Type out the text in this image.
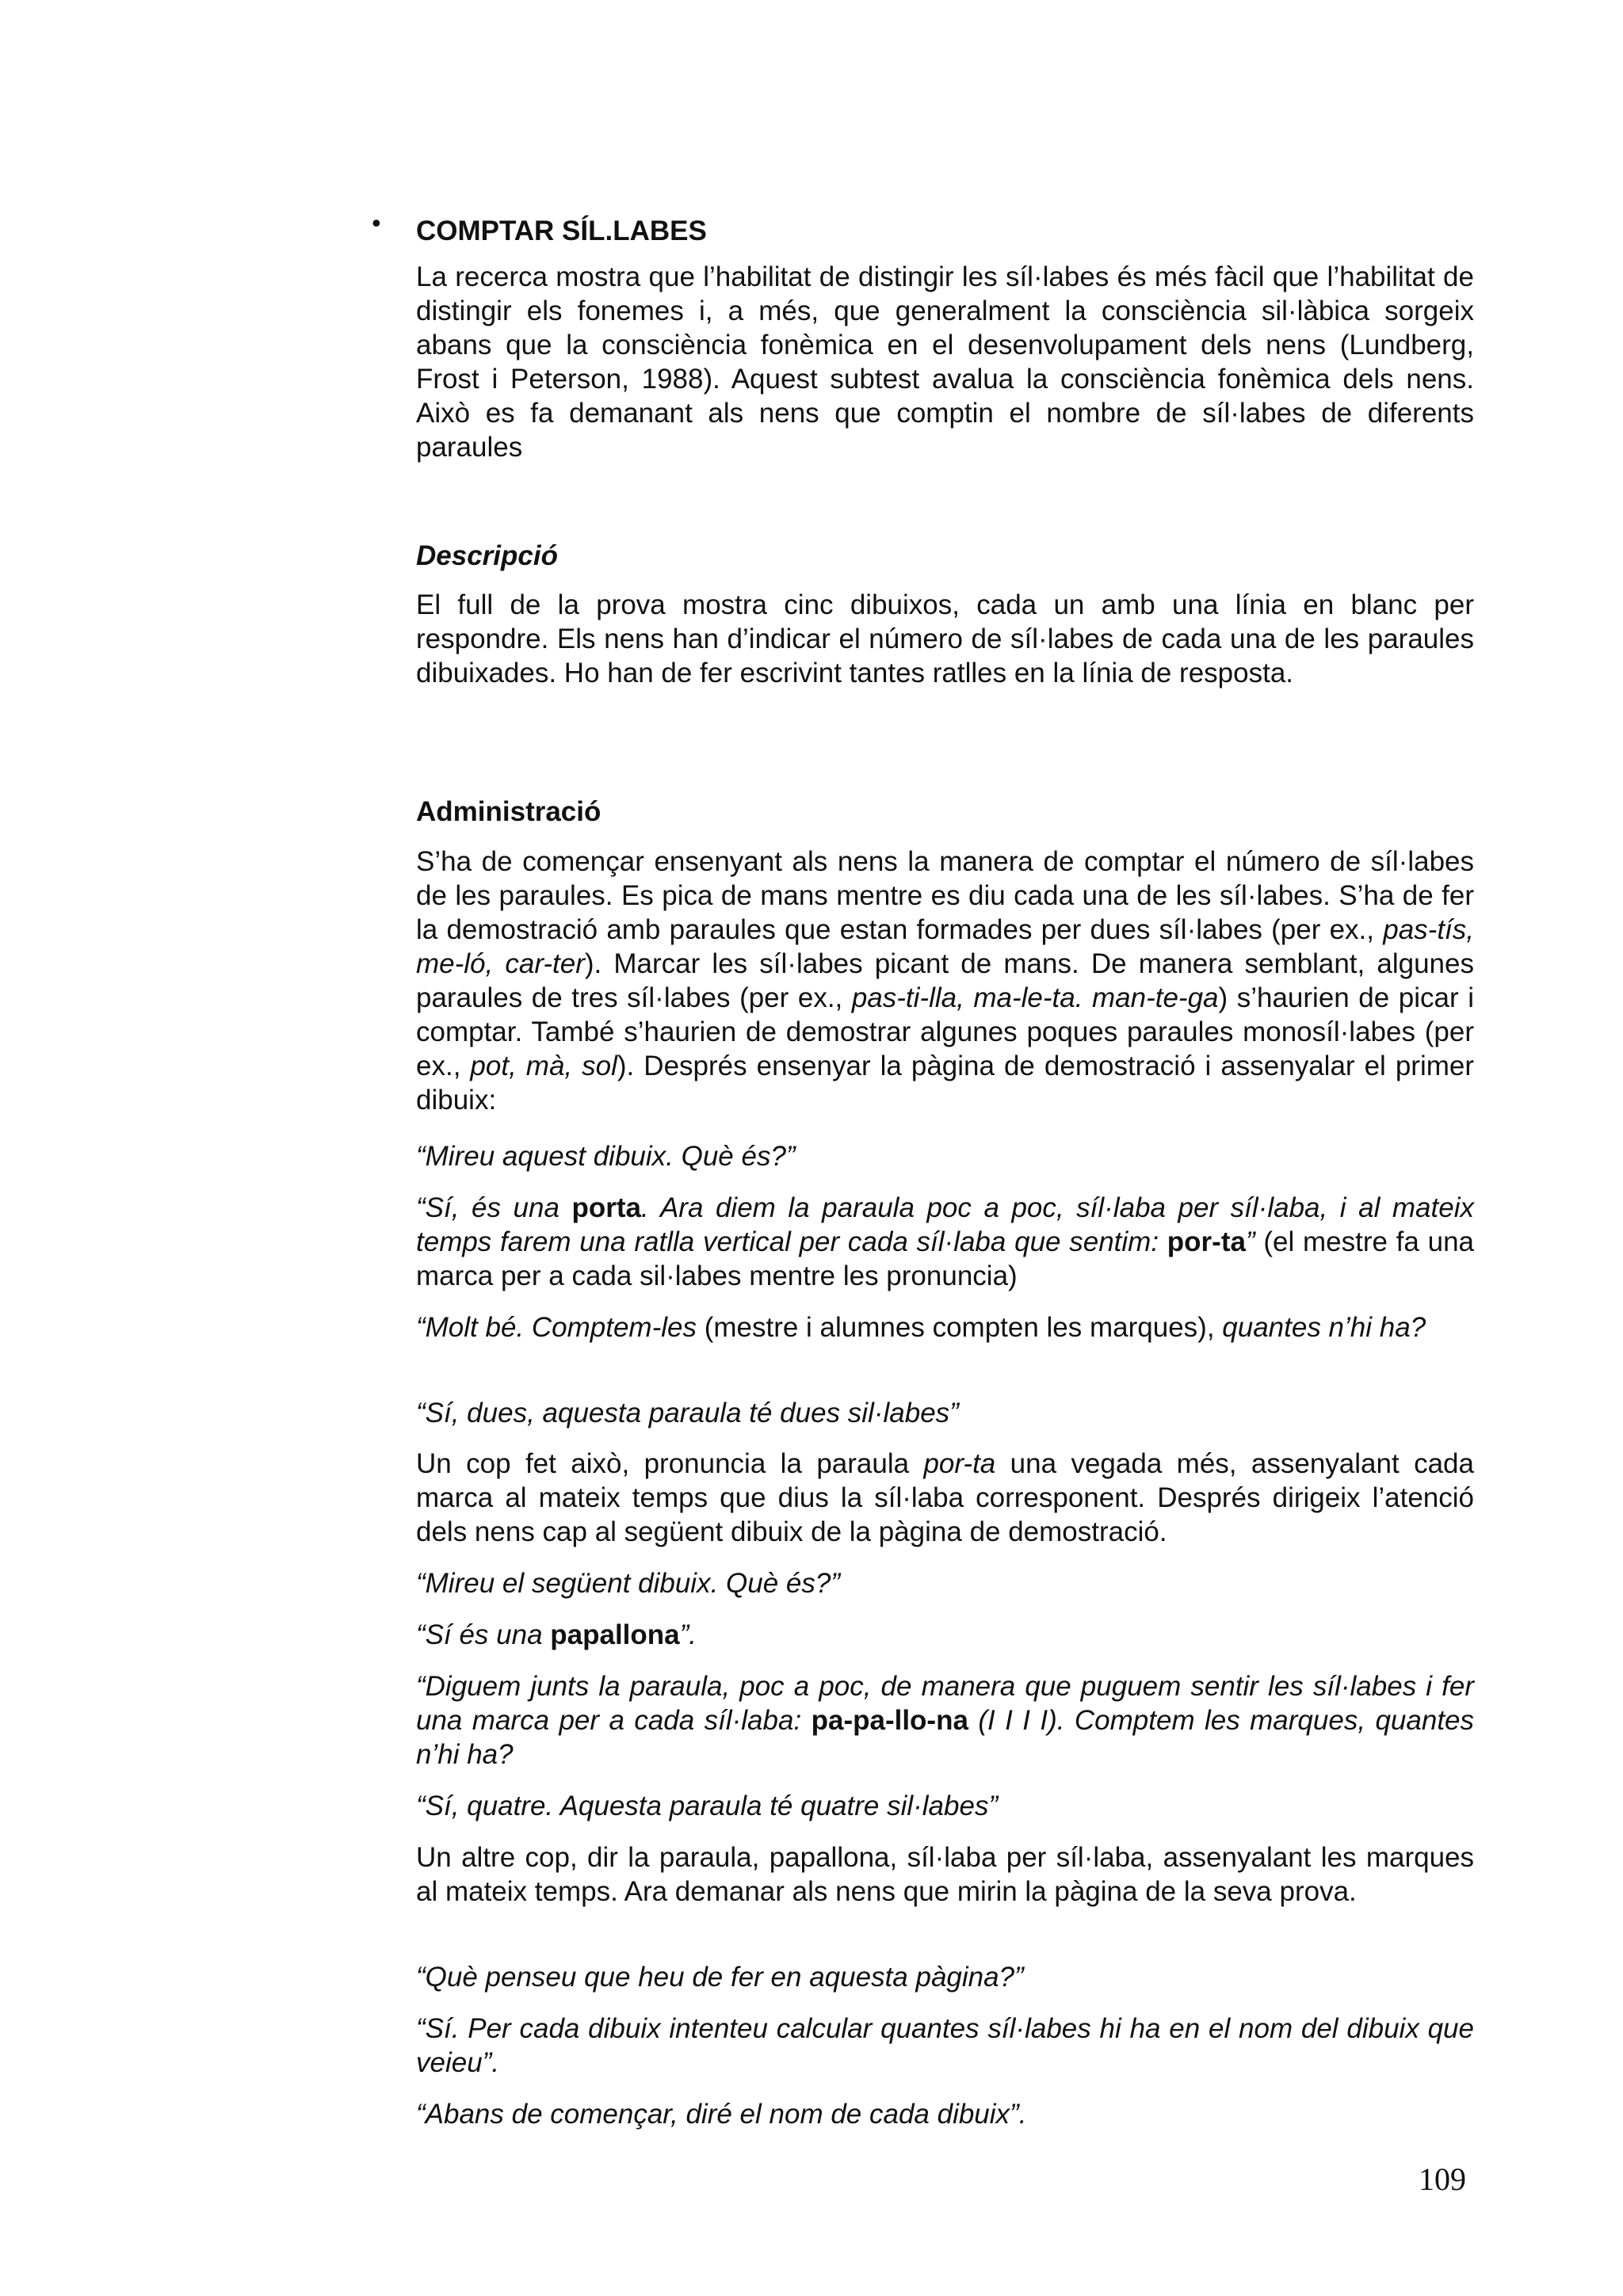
• COMPTAR SÍL.LABES

La recerca mostra que l’habilitat de distingir les síl·labes és més fàcil que l’habilitat de distingir els fonemes i, a més, que generalment la consciència sil·làbica sorgeix abans que la consciència fonèmica en el desenvolupament dels nens (Lundberg, Frost i Peterson, 1988). Aquest subtest avalua la consciència fonèmica dels nens. Això es fa demanant als nens que comptin el nombre de síl·labes de diferents paraules

Descripció

El full de la prova mostra cinc dibuixos, cada un amb una línia en blanc per respondre. Els nens han d’indicar el número de síl·labes de cada una de les paraules dibuixades. Ho han de fer escrivint tantes ratlles en la línia de resposta.

Administració

S’ha de començar ensenyant als nens la manera de comptar el número de síl·labes de les paraules. Es pica de mans mentre es diu cada una de les síl·labes. S’ha de fer la demostració amb paraules que estan formades per dues síl·labes (per ex., pas-tís, me-ló, car-ter). Marcar les síl·labes picant de mans. De manera semblant, algunes paraules de tres síl·labes (per ex., pas-ti-lla, ma-le-ta. man-te-ga) s’haurien de picar i comptar. També s’haurien de demostrar algunes poques paraules monosíl·labes (per ex., pot, mà, sol). Després ensenyar la pàgina de demostració i assenyalar el primer dibuix:

“Mireu aquest dibuix. Què és?”

“Sí, és una porta. Ara diem la paraula poc a poc, síl·laba per síl·laba, i al mateix temps farem una ratlla vertical per cada síl·laba que sentim: por-ta” (el mestre fa una marca per a cada sil·labes mentre les pronuncia)

“Molt bé. Comptem-les (mestre i alumnes compten les marques), quantes n’hi ha?

“Sí, dues, aquesta paraula té dues sil·labes”

Un cop fet això, pronuncia la paraula por-ta una vegada més, assenyalant cada marca al mateix temps que dius la síl·laba corresponent. Després dirigeix l’atenció dels nens cap al següent dibuix de la pàgina de demostració.

“Mireu el següent dibuix. Què és?”

“Sí és una papallona”.

“Diguem junts la paraula, poc a poc, de manera que puguem sentir les síl·labes i fer una marca per a cada síl·laba: pa-pa-llo-na (I I I I). Comptem les marques, quantes n’hi ha?

“Sí, quatre. Aquesta paraula té quatre sil·labes”

Un altre cop, dir la paraula, papallona, síl·laba per síl·laba, assenyalant les marques al mateix temps. Ara demanar als nens que mirin la pàgina de la seva prova.

“Què penseu que heu de fer en aquesta pàgina?”

“Sí. Per cada dibuix intenteu calcular quantes síl·labes hi ha en el nom del dibuix que veieu”.

“Abans de començar, diré el nom de cada dibuix”.
109
